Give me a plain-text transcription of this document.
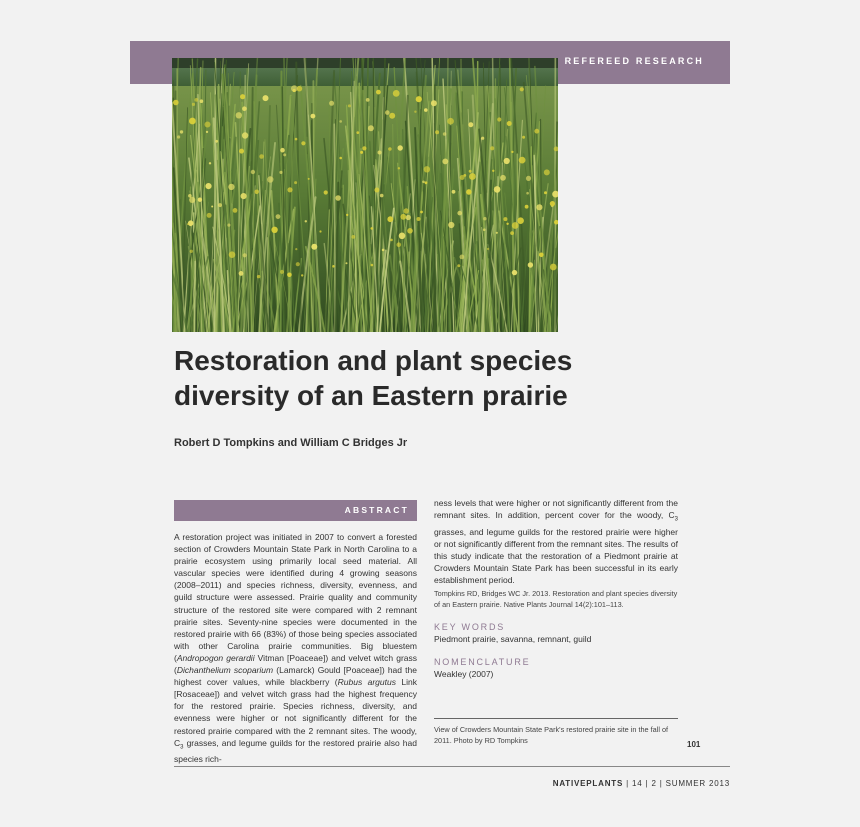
REFEREED RESEARCH
Restoration and plant species
diversity of an Eastern prairie
Robert D Tompkins and William C Bridges Jr
ABSTRACT

A restoration project was initiated in 2007 to convert a forested section of Crowders Mountain State Park in North Carolina to a prairie ecosystem using primarily local seed material. All vascular species were identified during 4 growing seasons (2008–2011) and species richness, diversity, evenness, and guild structure were assessed. Prairie quality and community structure of the restored site were compared with 2 remnant prairie sites. Seventy-nine species were documented in the restored prairie with 66 (83%) of those being species associated with other Carolina prairie communities. Big bluestem (Andropogon gerardii Vitman [Poaceae]) and velvet witch grass (Dichanthelium scoparium (Lamarck) Gould [Poaceae]) had the highest cover values, while blackberry (Rubus argutus Link [Rosaceae]) and velvet witch grass had the highest frequency for the restored prairie. Species richness, diversity, and evenness were higher or not significantly different for the restored prairie compared with the 2 remnant sites. The woody, $C_3$ grasses, and legume guilds for the restored prairie also had species rich-

ness levels that were higher or not significantly different from the remnant sites. In addition, percent cover for the woody, $C_3$ grasses, and legume guilds for the restored prairie were higher or not significantly different from the remnant sites. The results of this study indicate that the restoration of a Piedmont prairie at Crowders Mountain State Park has been successful in its early establishment period.

Tompkins RD, Bridges WC Jr. 2013. Restoration and plant species diversity of an Eastern prairie. Native Plants Journal 14(2):101–113.

KEY WORDS
Piedmont prairie, savanna, remnant, guild
NOMENCLATURE
Weakley (2007)

View of Crowders Mountain State Park's restored prairie site in the fall of 2011. Photo by RD Tompkins	101
NATIVEPLANTS | 14 | 2 | SUMMER 2013
